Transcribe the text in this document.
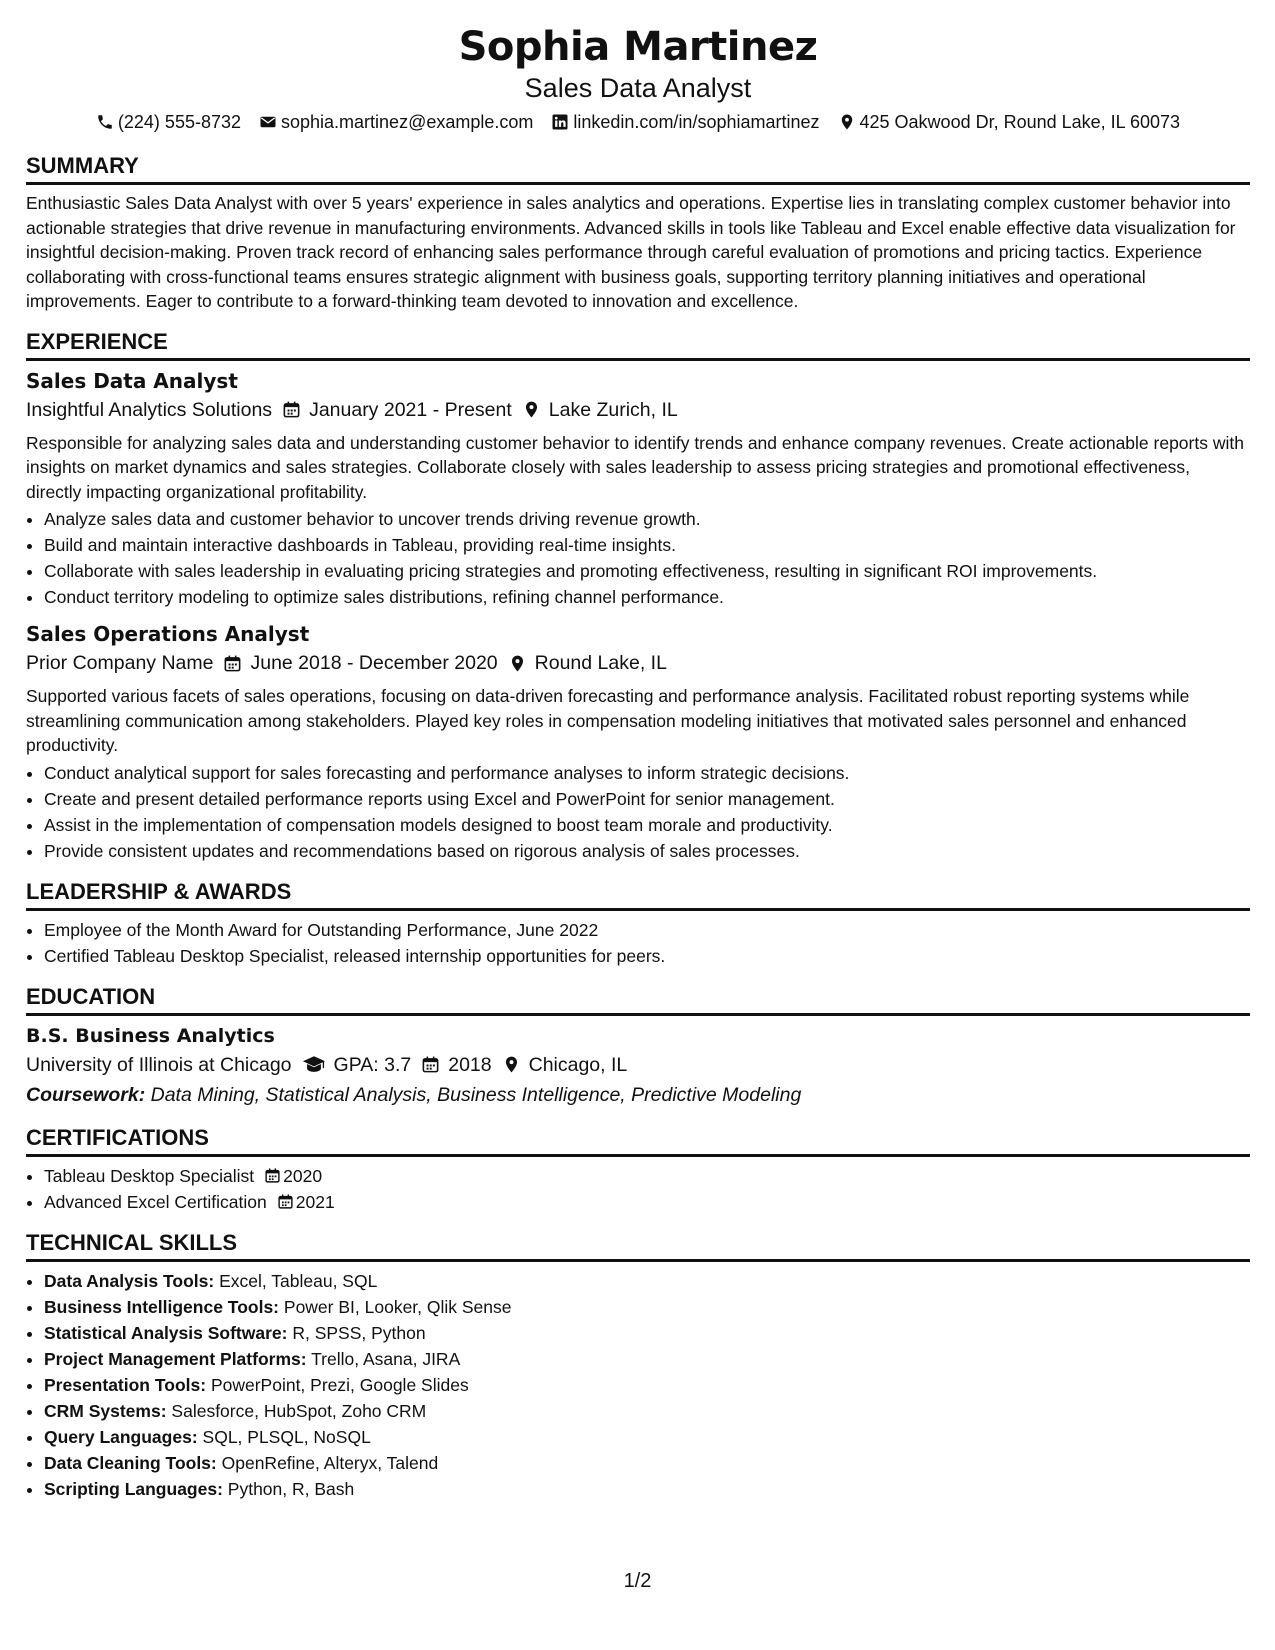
Sophia Martinez
Sales Data Analyst
(224) 555-8732 sophia.martinez@example.com linkedin.com/in/sophiamartinez 425 Oakwood Dr, Round Lake, IL 60073
SUMMARY

Enthusiastic Sales Data Analyst with over 5 years' experience in sales analytics and operations. Expertise lies in translating complex customer behavior into actionable strategies that drive revenue in manufacturing environments. Advanced skills in tools like Tableau and Excel enable effective data visualization for insightful decision-making. Proven track record of enhancing sales performance through careful evaluation of promotions and pricing tactics. Experience collaborating with cross-functional teams ensures strategic alignment with business goals, supporting territory planning initiatives and operational improvements. Eager to contribute to a forward-thinking team devoted to innovation and excellence.

EXPERIENCE
Sales Data Analyst
Insightful Analytics Solutions January 2021 - Present Lake Zurich, IL

Responsible for analyzing sales data and understanding customer behavior to identify trends and enhance company revenues. Create actionable reports with insights on market dynamics and sales strategies. Collaborate closely with sales leadership to assess pricing strategies and promotional effectiveness, directly impacting organizational profitability.

• Analyze sales data and customer behavior to uncover trends driving revenue growth.
• Build and maintain interactive dashboards in Tableau, providing real-time insights.
• Collaborate with sales leadership in evaluating pricing strategies and promoting effectiveness, resulting in significant ROI improvements.
• Conduct territory modeling to optimize sales distributions, refining channel performance.
Sales Operations Analyst
Prior Company Name June 2018 - December 2020 Round Lake, IL

Supported various facets of sales operations, focusing on data-driven forecasting and performance analysis. Facilitated robust reporting systems while streamlining communication among stakeholders. Played key roles in compensation modeling initiatives that motivated sales personnel and enhanced productivity.

• Conduct analytical support for sales forecasting and performance analyses to inform strategic decisions.
• Create and present detailed performance reports using Excel and PowerPoint for senior management.
• Assist in the implementation of compensation models designed to boost team morale and productivity.
• Provide consistent updates and recommendations based on rigorous analysis of sales processes.
LEADERSHIP & AWARDS
• Employee of the Month Award for Outstanding Performance, June 2022
• Certified Tableau Desktop Specialist, released internship opportunities for peers.
EDUCATION
B.S. Business Analytics
University of Illinois at Chicago GPA: 3.7 2018 Chicago, IL
Coursework: Data Mining, Statistical Analysis, Business Intelligence, Predictive Modeling
CERTIFICATIONS
• Tableau Desktop Specialist 2020
• Advanced Excel Certification 2021
TECHNICAL SKILLS
• Data Analysis Tools: Excel, Tableau, SQL
• Business Intelligence Tools: Power BI, Looker, Qlik Sense
• Statistical Analysis Software: R, SPSS, Python
• Project Management Platforms: Trello, Asana, JIRA
• Presentation Tools: PowerPoint, Prezi, Google Slides
• CRM Systems: Salesforce, HubSpot, Zoho CRM
• Query Languages: SQL, PLSQL, NoSQL
• Data Cleaning Tools: OpenRefine, Alteryx, Talend
• Scripting Languages: Python, R, Bash
1/2
